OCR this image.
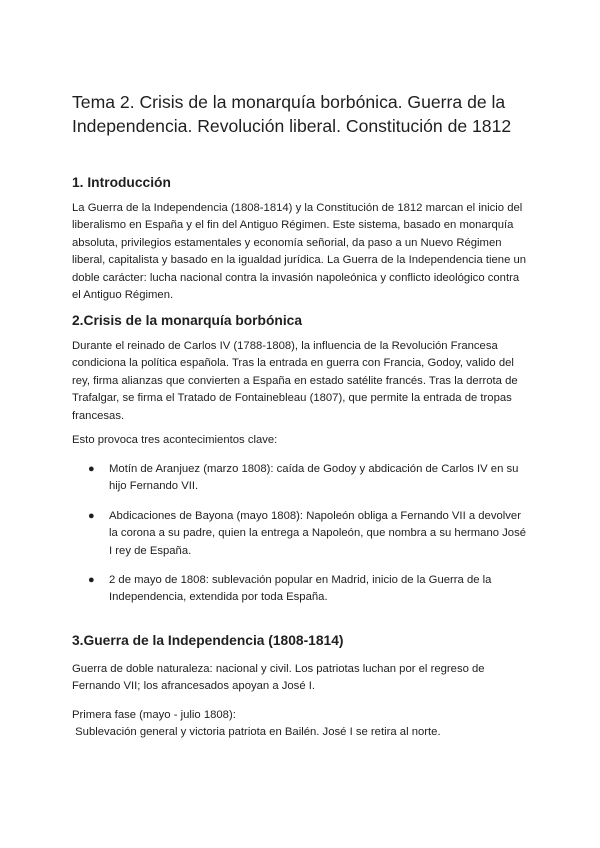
Tema 2. Crisis de la monarquía borbónica. Guerra de la Independencia. Revolución liberal. Constitución de 1812
1. Introducción

La Guerra de la Independencia (1808-1814) y la Constitución de 1812 marcan el inicio del liberalismo en España y el fin del Antiguo Régimen. Este sistema, basado en monarquía absoluta, privilegios estamentales y economía señorial, da paso a un Nuevo Régimen liberal, capitalista y basado en la igualdad jurídica. La Guerra de la Independencia tiene un doble carácter: lucha nacional contra la invasión napoleónica y conflicto ideológico contra el Antiguo Régimen.

2.Crisis de la monarquía borbónica

Durante el reinado de Carlos IV (1788-1808), la influencia de la Revolución Francesa condiciona la política española. Tras la entrada en guerra con Francia, Godoy, valido del rey, firma alianzas que convierten a España en estado satélite francés. Tras la derrota de Trafalgar, se firma el Tratado de Fontainebleau (1807), que permite la entrada de tropas francesas.

Esto provoca tres acontecimientos clave:

● Motín de Aranjuez (marzo 1808): caída de Godoy y abdicación de Carlos IV en su hijo Fernando VII.

● Abdicaciones de Bayona (mayo 1808): Napoleón obliga a Fernando VII a devolver la corona a su padre, quien la entrega a Napoleón, que nombra a su hermano José I rey de España.

● 2 de mayo de 1808: sublevación popular en Madrid, inicio de la Guerra de la Independencia, extendida por toda España.

3.Guerra de la Independencia (1808-1814)

Guerra de doble naturaleza: nacional y civil. Los patriotas luchan por el regreso de Fernando VII; los afrancesados apoyan a José I.

Primera fase (mayo - julio 1808):

Sublevación general y victoria patriota en Bailén. José I se retira al norte.
